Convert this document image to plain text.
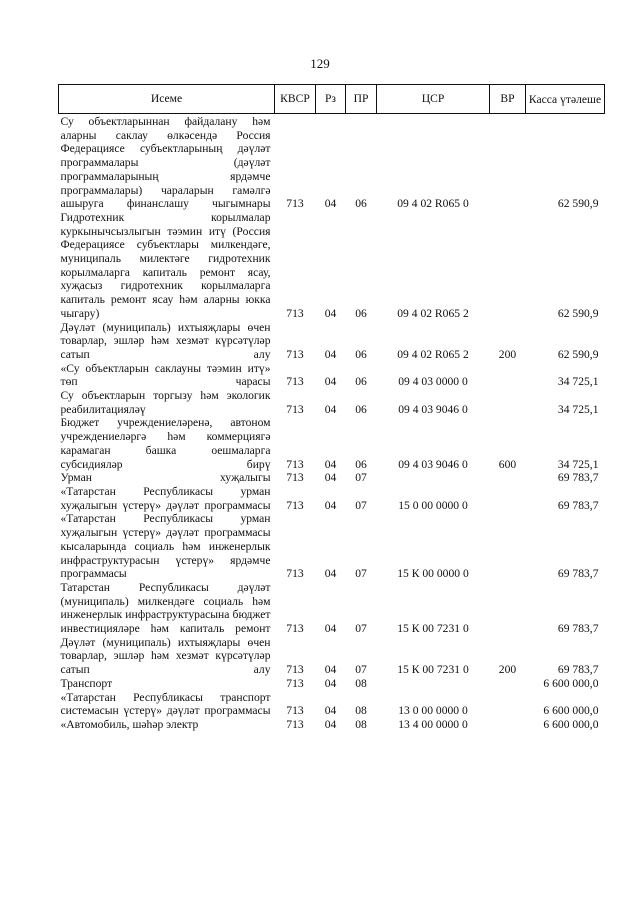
129
Исеме	КВСР	Рз	ПР	ЦСР	ВР	Касса үтәлеше
Су объектларыннан файдалану һәм аларны саклау өлкәсендә Россия Федерациясе субъектларының дәүләт программалары (дәүләт программаларының ярдәмче программалары) чараларын гамәлгә ашыруга финанслашу чыгымнары	713	04	06	09 4 02 R065 0		62 590,9
Гидротехник корылмалар куркынычсызлыгын тәэмин итү (Россия Федерациясе субъектлары милкендәге, муниципаль милектәге гидротехник корылмаларга капиталь ремонт ясау, хуҗасыз гидротехник корылмаларга капиталь ремонт ясау һәм аларны юкка чыгару)	713	04	06	09 4 02 R065 2		62 590,9
Дәүләт (муниципаль) ихтыяҗлары өчен товарлар, эшләр һәм хезмәт күрсәтүләр сатып алу	713	04	06	09 4 02 R065 2	200	62 590,9
«Су объектларын саклауны тәэмин итү» төп чарасы	713	04	06	09 4 03 0000 0		34 725,1
Су объектларын торгызу һәм экологик реабилитацияләү	713	04	06	09 4 03 9046 0		34 725,1
Бюджет учреждениеләренә, автоном учреждениеләргә һәм коммерциягә карамаган башка оешмаларга субсидияләр бирү	713	04	06	09 4 03 9046 0	600	34 725,1
Урман хуҗалыгы	713	04	07			69 783,7
«Татарстан Республикасы урман хуҗалыгын үстерү» дәүләт программасы	713	04	07	15 0 00 0000 0		69 783,7
«Татарстан Республикасы урман хуҗалыгын үстерү» дәүләт программасы кысаларында социаль һәм инженерлык инфраструктурасын үстерү» ярдәмче программасы	713	04	07	15 К 00 0000 0		69 783,7
Татарстан Республикасы дәүләт (муниципаль) милкендәге социаль һәм инженерлык инфраструктурасына бюджет инвестицияләре һәм капиталь ремонт	713	04	07	15 К 00 7231 0		69 783,7
Дәүләт (муниципаль) ихтыяҗлары өчен товарлар, эшләр һәм хезмәт күрсәтүләр сатып алу	713	04	07	15 К 00 7231 0	200	69 783,7
Транспорт	713	04	08			6 600 000,0
«Татарстан Республикасы транспорт системасын үстерү» дәүләт программасы	713	04	08	13 0 00 0000 0		6 600 000,0
«Автомобиль, шәһәр электр	713	04	08	13 4 00 0000 0		6 600 000,0
